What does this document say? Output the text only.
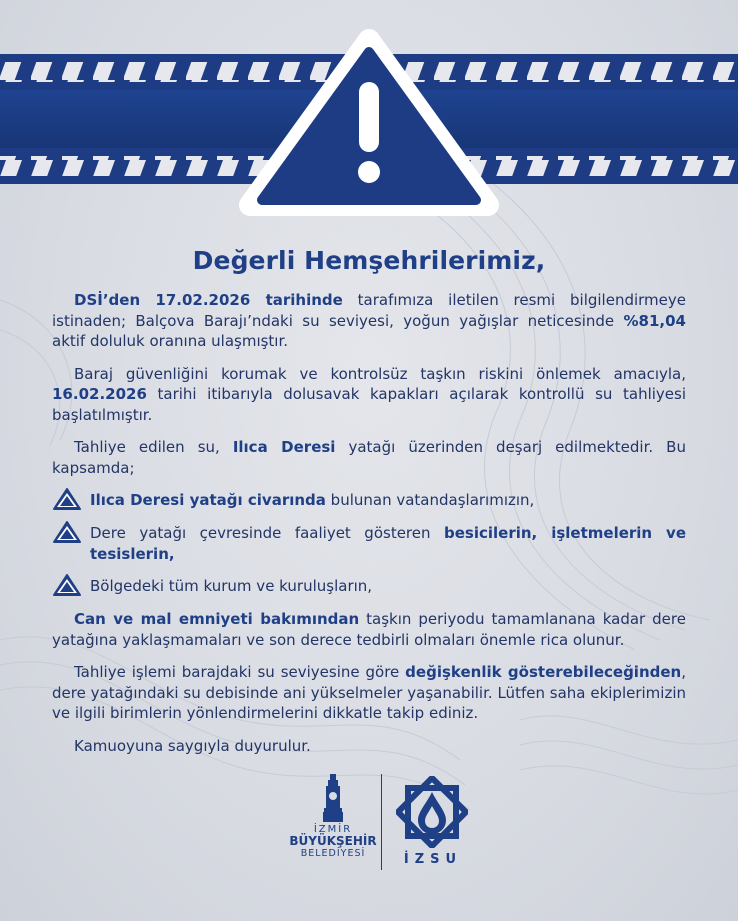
Değerli Hemşehrilerimiz,

DSİ’den 17.02.2026 tarihinde tarafımıza iletilen resmi bilgilendirmeye istinaden; Balçova Barajı’ndaki su seviyesi, yoğun yağışlar neticesinde %81,04 aktif doluluk oranına ulaşmıştır.

Baraj güvenliğini korumak ve kontrolsüz taşkın riskini önlemek amacıyla, 16.02.2026 tarihi itibarıyla dolusavak kapakları açılarak kontrollü su tahliyesi başlatılmıştır.

Tahliye edilen su, Ilıca Deresi yatağı üzerinden deşarj edilmektedir. Bu kapsamda;

Ilıca Deresi yatağı civarında bulunan vatandaşlarımızın,
Dere yatağı çevresinde faaliyet gösteren besicilerin, işletmelerin ve tesislerin,
Bölgedeki tüm kurum ve kuruluşların,

Can ve mal emniyeti bakımından taşkın periyodu tamamlanana kadar dere yatağına yaklaşmamaları ve son derece tedbirli olmaları önemle rica olunur.

Tahliye işlemi barajdaki su seviyesine göre değişkenlik gösterebileceğinden, dere yatağındaki su debisinde ani yükselmeler yaşanabilir. Lütfen saha ekiplerimizin ve ilgili birimlerin yönlendirmelerini dikkatle takip ediniz.

Kamuoyuna saygıyla duyurulur.

İZMİR
BÜYÜKŞEHİR
BELEDİYESİ	İZSU
